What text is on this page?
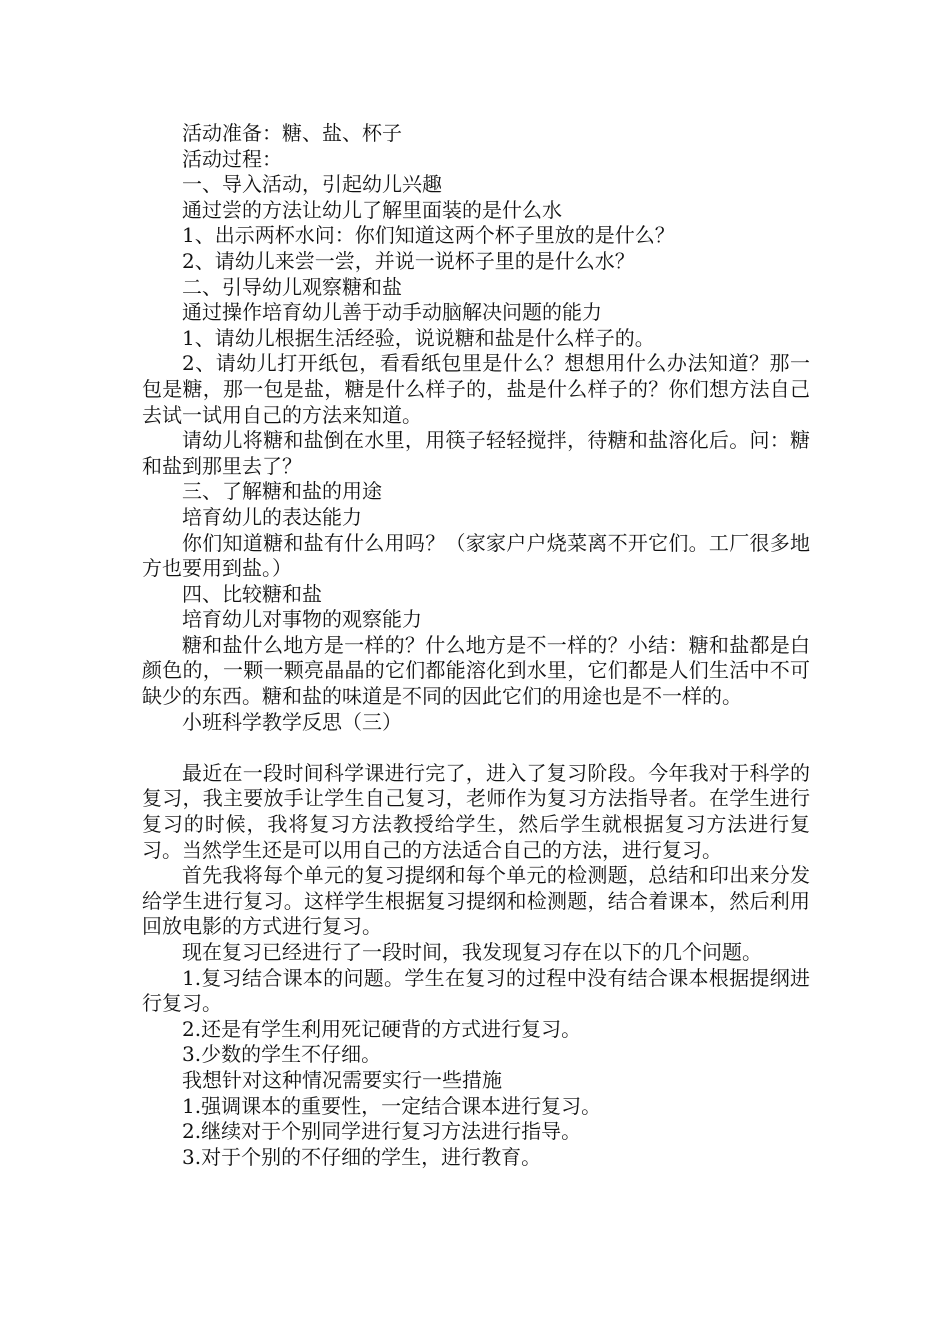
活动准备：糖、盐、杯子

活动过程：

一、导入活动，引起幼儿兴趣

通过尝的方法让幼儿了解里面装的是什么水

1、出示两杯水问：你们知道这两个杯子里放的是什么？

2、请幼儿来尝一尝，并说一说杯子里的是什么水？

二、引导幼儿观察糖和盐

通过操作培育幼儿善于动手动脑解决问题的能力

1、请幼儿根据生活经验，说说糖和盐是什么样子的。

2、请幼儿打开纸包，看看纸包里是什么？想想用什么办法知道？那一包是糖，那一包是盐，糖是什么样子的，盐是什么样子的？你们想方法自己去试一试用自己的方法来知道。

请幼儿将糖和盐倒在水里，用筷子轻轻搅拌，待糖和盐溶化后。问：糖和盐到那里去了？

三、了解糖和盐的用途

培育幼儿的表达能力

你们知道糖和盐有什么用吗？（家家户户烧菜离不开它们。工厂很多地方也要用到盐。）

四、比较糖和盐

培育幼儿对事物的观察能力

糖和盐什么地方是一样的？什么地方是不一样的？小结：糖和盐都是白颜色的，一颗一颗亮晶晶的它们都能溶化到水里，它们都是人们生活中不可缺少的东西。糖和盐的味道是不同的因此它们的用途也是不一样的。

小班科学教学反思（三）

最近在一段时间科学课进行完了，进入了复习阶段。今年我对于科学的复习，我主要放手让学生自己复习，老师作为复习方法指导者。在学生进行复习的时候，我将复习方法教授给学生，然后学生就根据复习方法进行复习。当然学生还是可以用自己的方法适合自己的方法，进行复习。

首先我将每个单元的复习提纲和每个单元的检测题，总结和印出来分发给学生进行复习。这样学生根据复习提纲和检测题，结合着课本，然后利用回放电影的方式进行复习。

现在复习已经进行了一段时间，我发现复习存在以下的几个问题。

1.复习结合课本的问题。学生在复习的过程中没有结合课本根据提纲进行复习。

2.还是有学生利用死记硬背的方式进行复习。

3.少数的学生不仔细。

我想针对这种情况需要实行一些措施

1.强调课本的重要性，一定结合课本进行复习。

2.继续对于个别同学进行复习方法进行指导。

3.对于个别的不仔细的学生，进行教育。
